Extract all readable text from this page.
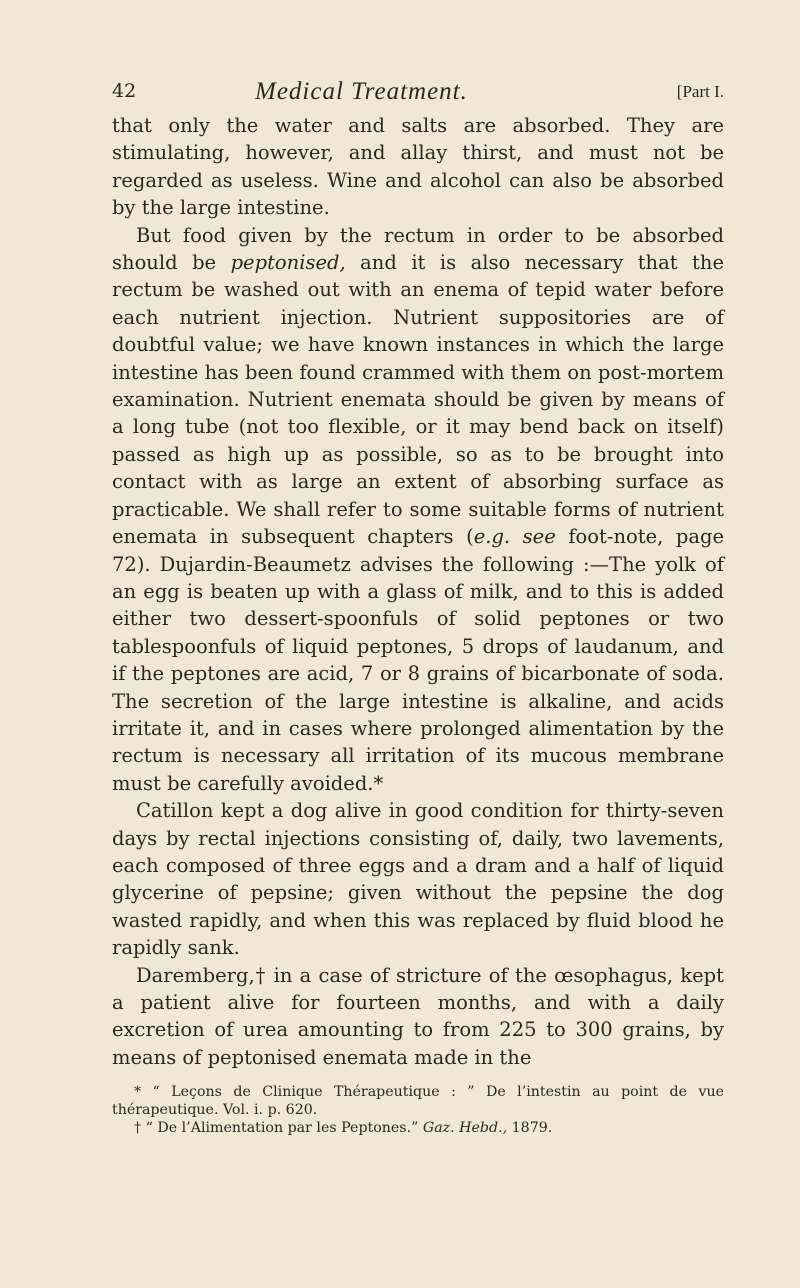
42	Medical Treatment.	[Part I.

that only the water and salts are absorbed. They are stimulating, however, and allay thirst, and must not be regarded as useless. Wine and alcohol can also be absorbed by the large intestine.

But food given by the rectum in order to be absorbed should be peptonised, and it is also necessary that the rectum be washed out with an enema of tepid water before each nutrient injection. Nutrient suppositories are of doubtful value; we have known instances in which the large intestine has been found crammed with them on post-mortem examination. Nutrient enemata should be given by means of a long tube (not too flexible, or it may bend back on itself) passed as high up as possible, so as to be brought into contact with as large an extent of absorbing surface as practicable. We shall refer to some suitable forms of nutrient enemata in subsequent chapters (e.g. see foot-note, page 72). Dujardin-Beaumetz advises the following :—The yolk of an egg is beaten up with a glass of milk, and to this is added either two dessert-spoonfuls of solid peptones or two tablespoonfuls of liquid peptones, 5 drops of laudanum, and if the peptones are acid, 7 or 8 grains of bicarbonate of soda. The secretion of the large intestine is alkaline, and acids irritate it, and in cases where prolonged alimentation by the rectum is necessary all irritation of its mucous membrane must be carefully avoided.*

Catillon kept a dog alive in good condition for thirty-seven days by rectal injections consisting of, daily, two lavements, each composed of three eggs and a dram and a half of liquid glycerine of pepsine; given without the pepsine the dog wasted rapidly, and when this was replaced by fluid blood he rapidly sank.

Daremberg,† in a case of stricture of the œsophagus, kept a patient alive for fourteen months, and with a daily excretion of urea amounting to from 225 to 300 grains, by means of peptonised enemata made in the

* “ Leçons de Clinique Thérapeutique : ” De l’intestin au point de vue thérapeutique. Vol. i. p. 620.

† “ De l’Alimentation par les Peptones.” Gaz. Hebd., 1879.
